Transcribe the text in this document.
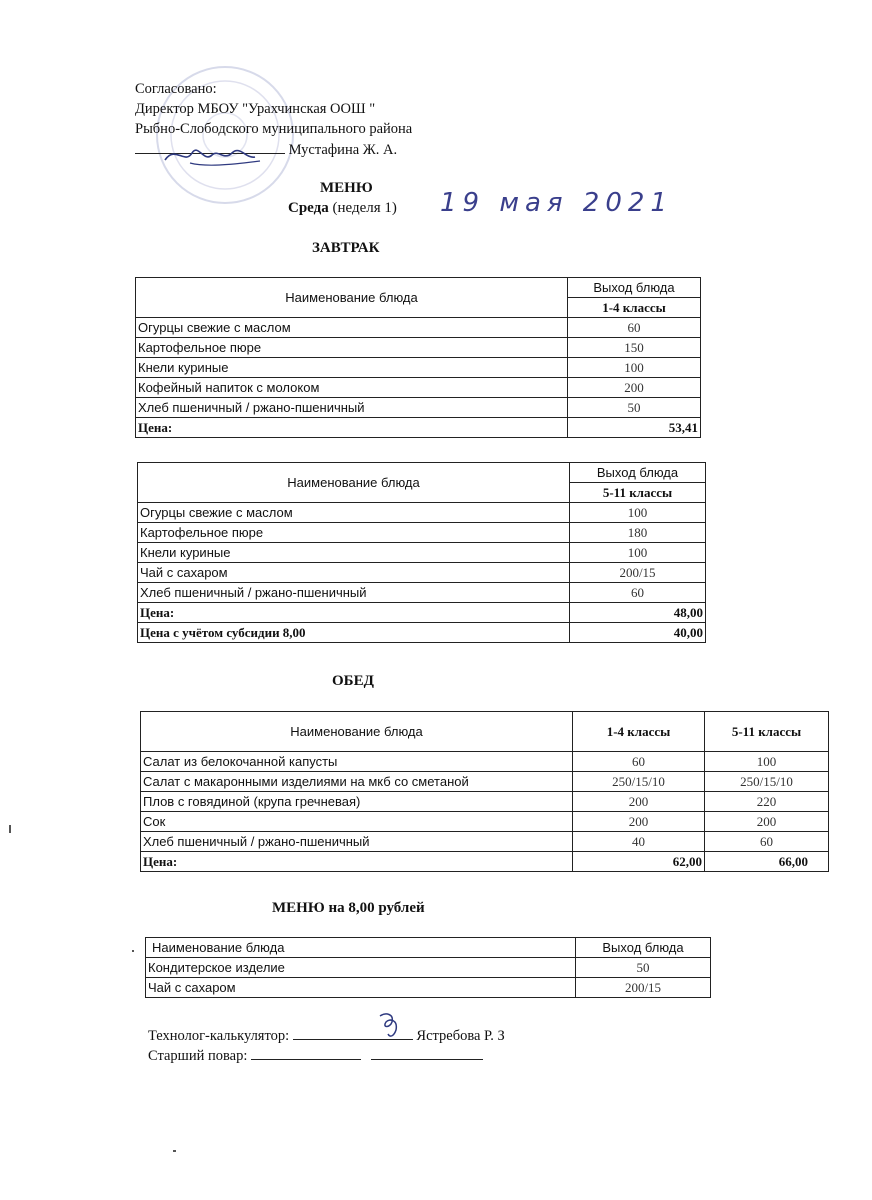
Согласовано:
Директор МБОУ "Урахчинская ООШ "
Рыбно-Слободского муниципального района
Мустафина Ж. А.
МЕНЮ
Среда (неделя 1) 19 мая 2021
ЗАВТРАК
Наименование блюда	Выход блюда
	1-4 классы
Огурцы свежие с маслом	60
Картофельное пюре	150
Кнели куриные	100
Кофейный напиток с молоком	200
Хлеб пшеничный / ржано-пшеничный	50
Цена:	53,41
Наименование блюда	Выход блюда
	5-11 классы
Огурцы свежие с маслом	100
Картофельное пюре	180
Кнели куриные	100
Чай с сахаром	200/15
Хлеб пшеничный / ржано-пшеничный	60
Цена:	48,00
Цена с учётом субсидии 8,00	40,00
ОБЕД
Наименование блюда	1-4 классы	5-11 классы
Салат из белокочанной капусты	60	100
Салат с макаронными изделиями на мкб со сметаной	250/15/10	250/15/10
Плов с говядиной (крупа гречневая)	200	220
Сок	200	200
Хлеб пшеничный / ржано-пшеничный	40	60
Цена:	62,00	66,00
МЕНЮ на 8,00 рублей
Наименование блюда	Выход блюда
Кондитерское изделие	50
Чай с сахаром	200/15
Технолог-калькулятор:	Ястребова Р. З
Старший повар:
